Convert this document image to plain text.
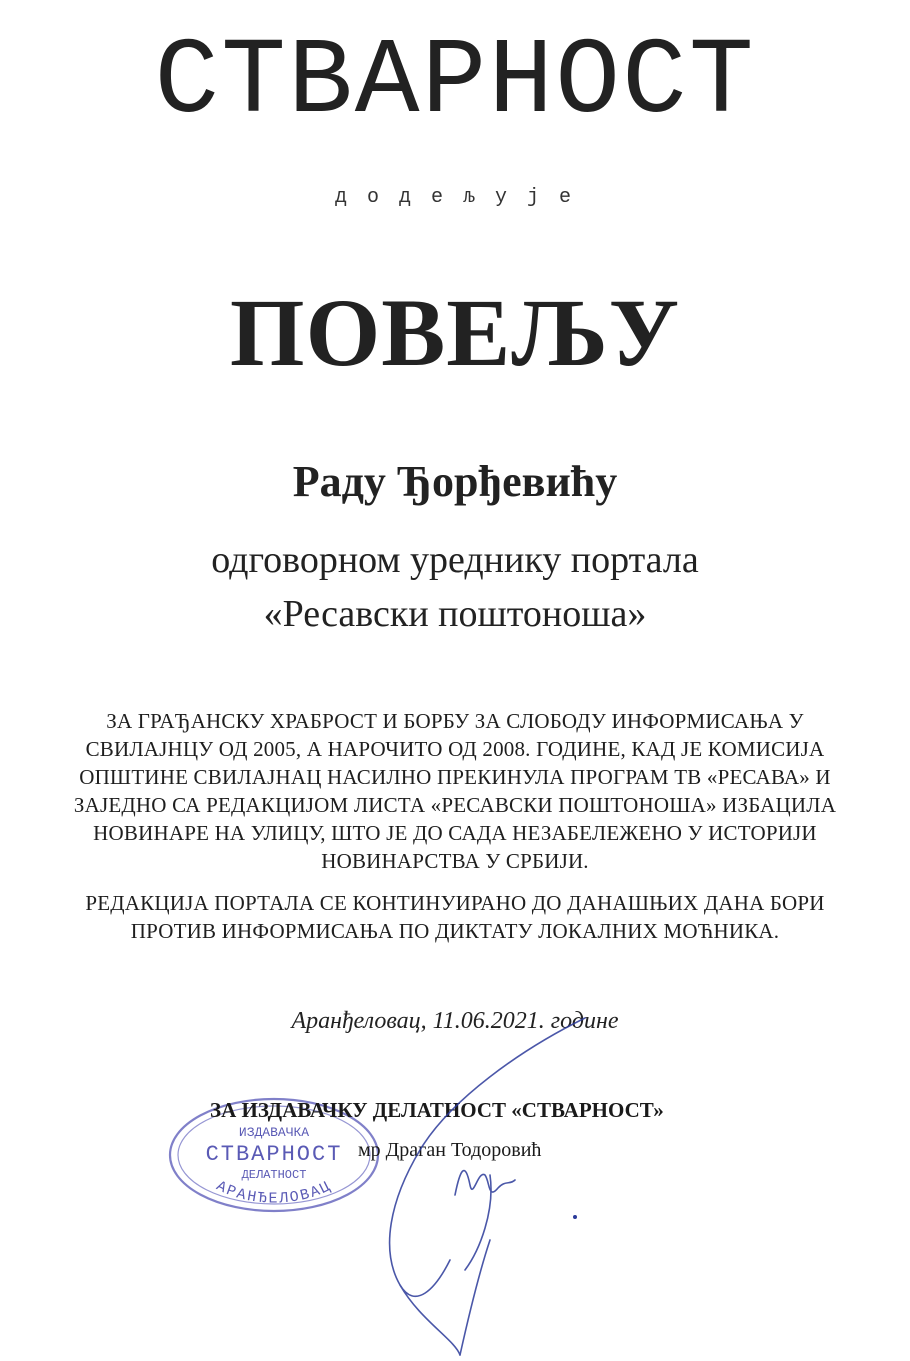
СТВАРНОСТ
д о д е љ у ј е
ПОВЕЉУ
Раду Ђорђевићу
одговорном уреднику портала
«Ресавски поштоноша»
ЗА ГРАЂАНСКУ ХРАБРОСТ И БОРБУ ЗА СЛОБОДУ ИНФОРМИСАЊА У
СВИЛАЈНЦУ ОД 2005, А НАРОЧИТО ОД 2008. ГОДИНЕ, КАД ЈЕ КОМИСИЈА
ОПШТИНЕ СВИЛАЈНАЦ НАСИЛНО ПРЕКИНУЛА ПРОГРАМ ТВ «РЕСАВА» И
ЗАЈЕДНО СА РЕДАКЦИЈОМ ЛИСТА «РЕСАВСКИ ПОШТОНОША» ИЗБАЦИЛА
НОВИНАРЕ НА УЛИЦУ, ШТО ЈЕ ДО САДА НЕЗАБЕЛЕЖЕНО У ИСТОРИЈИ
НОВИНАРСТВА У СРБИЈИ.
РЕДАКЦИЈА ПОРТАЛА СЕ КОНТИНУИРАНО ДО ДАНАШЊИХ ДАНА БОРИ
ПРОТИВ ИНФОРМИСАЊА ПО ДИКТАТУ ЛОКАЛНИХ МОЋНИКА.
Аранђеловац, 11.06.2021. године
ИЗДАВАЧКА
СТВАРНОСТ
ДЕЛАТНОСТ
АРАНЂЕЛОВАЦ
ЗА ИЗДАВАЧКУ ДЕЛАТНОСТ «СТВАРНОСТ»
мр Драган Тодоровић
